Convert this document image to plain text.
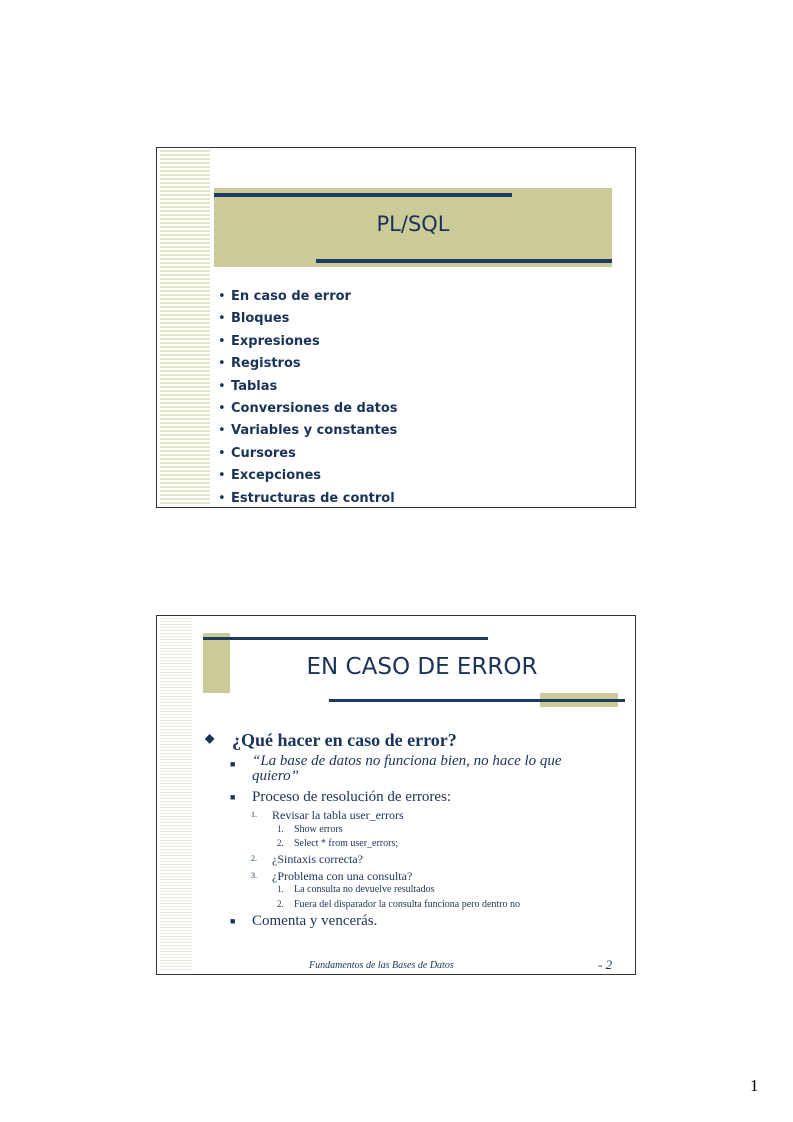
PL/SQL
• En caso de error
• Bloques
• Expresiones
• Registros
• Tablas
• Conversiones de datos
• Variables y constantes
• Cursores
• Excepciones
• Estructuras de control
EN CASO DE ERROR
◆ ¿Qué hacer en caso de error?
■ “La base de datos no funciona bien, no hace lo que
quiero”
■ Proceso de resolución de errores:
1. Revisar la tabla user_errors
1. Show errors
2. Select * from user_errors;
2. ¿Sintaxis correcta?
3. ¿Problema con una consulta?
1. La consulta no devuelve resultados
2. Fuera del disparador la consulta funciona pero dentro no
■ Comenta y vencerás.
Fundamentos de las Bases de Datos	- 2
1
